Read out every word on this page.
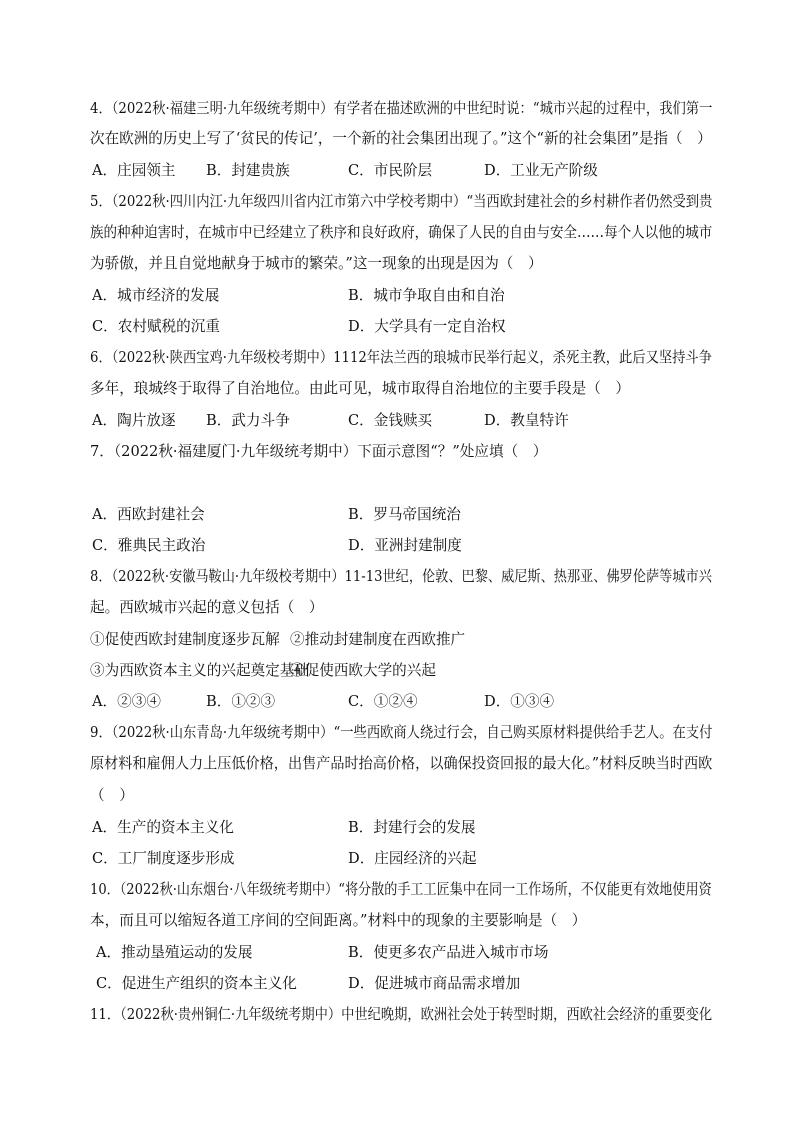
4．（2022秋·福建三明·九年级统考期中）有学者在描述欧洲的中世纪时说：“城市兴起的过程中，我们第一
次在欧洲的历史上写了‘贫民的传记’，一个新的社会集团出现了。”这个“新的社会集团”是指（　）
A．庄园领主 B．封建贵族	C．市民阶层	D．工业无产阶级
5．（2022秋·四川内江·九年级四川省内江市第六中学校考期中）“当西欧封建社会的乡村耕作者仍然受到贵
族的种种迫害时，在城市中已经建立了秩序和良好政府，确保了人民的自由与安全……每个人以他的城市
为骄傲，并且自觉地献身于城市的繁荣。”这一现象的出现是因为（　）
A．城市经济的发展	B．城市争取自由和自治
C．农村赋税的沉重	D．大学具有一定自治权
6．（2022秋·陕西宝鸡·九年级校考期中）1112年法兰西的琅城市民举行起义，杀死主教，此后又坚持斗争
多年，琅城终于取得了自治地位。由此可见，城市取得自治地位的主要手段是（　）
A．陶片放逐 B．武力斗争	C．金钱赎买	D．教皇特许
7．（2022秋·福建厦门·九年级统考期中）下面示意图“？”处应填（　）
A．西欧封建社会	B．罗马帝国统治
C．雅典民主政治	D．亚洲封建制度
8．（2022秋·安徽马鞍山·九年级校考期中）11-13世纪，伦敦、巴黎、威尼斯、热那亚、佛罗伦萨等城市兴
起。西欧城市兴起的意义包括（　）
①促使西欧封建制度逐步瓦解 ②推动封建制度在西欧推广
③为西欧资本主义的兴起奠定基础
④促使西欧大学的兴起
A．②③④	B．①②③	C．①②④	D．①③④
9．（2022秋·山东青岛·九年级统考期中）“一些西欧商人绕过行会，自己购买原材料提供给手艺人。在支付
原材料和雇佣人力上压低价格，出售产品时抬高价格，以确保投资回报的最大化。”材料反映当时西欧
（　）
A．生产的资本主义化	B．封建行会的发展
C．工厂制度逐步形成	D．庄园经济的兴起
10．（2022秋·山东烟台·八年级统考期中）“将分散的手工工匠集中在同一工作场所，不仅能更有效地使用资
本，而且可以缩短各道工序间的空间距离。”材料中的现象的主要影响是（　）
A．推动垦殖运动的发展	B．使更多农产品进入城市市场
C．促进生产组织的资本主义化	D．促进城市商品需求增加
11．（2022秋·贵州铜仁·九年级统考期中）中世纪晚期，欧洲社会处于转型时期，西欧社会经济的重要变化
